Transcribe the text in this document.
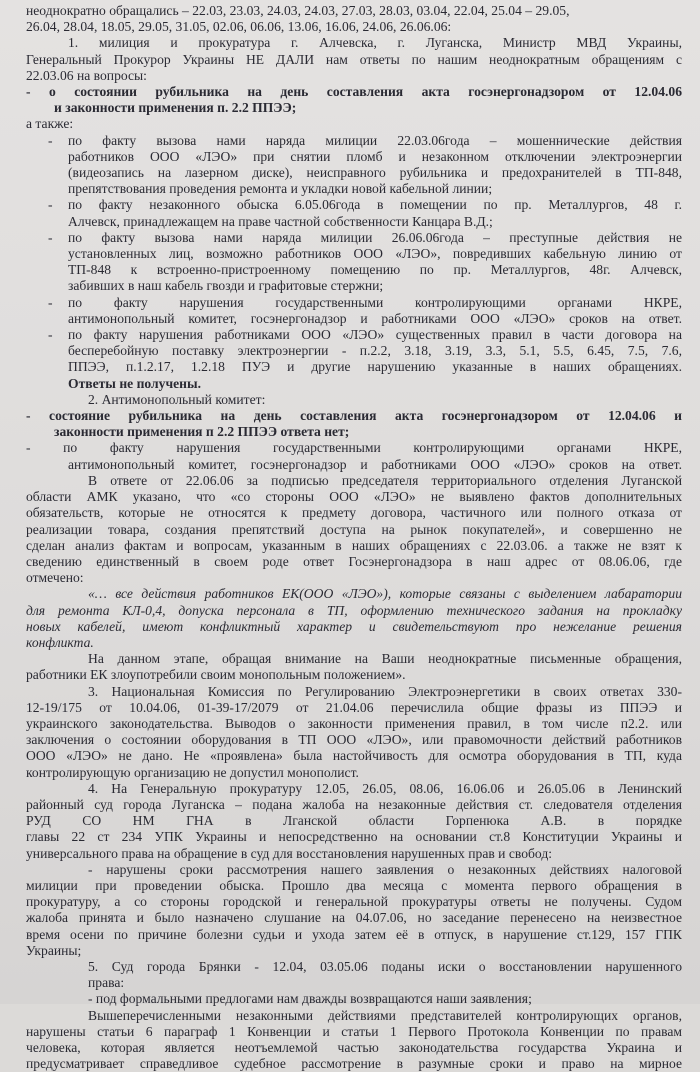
неоднократно обращались – 22.03, 23.03, 24.03, 24.03, 27.03, 28.03, 03.04, 22.04, 25.04 – 29.05,
26.04, 28.04, 18.05, 29.05, 31.05, 02.06, 06.06, 13.06, 16.06, 24.06, 26.06.06:
1. милиция и прокуратура г. Алчевска, г. Луганска, Министр МВД Украины,
Генеральный Прокурор Украины НЕ ДАЛИ нам ответы по нашим неоднократным обращениям с
22.03.06 на вопросы:
- о состоянии рубильника на день составления акта госэнергонадзором от 12.04.06
и законности применения п. 2.2 ППЭЭ;
а также:
- по факту вызова нами наряда милиции 22.03.06года – мошеннические действия
работников ООО «ЛЭО» при снятии пломб и незаконном отключении электроэнергии
(видеозапись на лазерном диске), неисправного рубильника и предохранителей в ТП-848,
препятствования проведения ремонта и укладки новой кабельной линии;
- по факту незаконного обыска 6.05.06года в помещении по пр. Металлургов, 48 г.
Алчевск, принадлежащем на праве частной собственности Канцара В.Д.;
- по факту вызова нами наряда милиции 26.06.06года – преступные действия не
установленных лиц, возможно работников ООО «ЛЭО», повредивших кабельную линию от
ТП-848 к встроенно-пристроенному помещению по пр. Металлургов, 48г. Алчевск,
забивших в наш кабель гвозди и графитовые стержни;
- по факту нарушения государственными контролирующими органами НКРЕ,
антимонопольный комитет, госэнергонадзор и работниками ООО «ЛЭО» сроков на ответ.
- по факту нарушения работниками ООО «ЛЭО» существенных правил в части договора на
бесперебойную поставку электроэнергии - п.2.2, 3.18, 3.19, 3.3, 5.1, 5.5, 6.45, 7.5, 7.6,
ППЭЭ, п.1.2.17, 1.2.18 ПУЭ и другие нарушению указанные в наших обращениях.
Ответы не получены.
2. Антимонопольный комитет:
- состояние рубильника на день составления акта госэнергонадзором от 12.04.06 и
законности применения п 2.2 ППЭЭ ответа нет;
- по факту нарушения государственными контролирующими органами НКРЕ,
антимонопольный комитет, госэнергонадзор и работниками ООО «ЛЭО» сроков на ответ.
В ответе от 22.06.06 за подписью председателя территориального отделения Луганской
области АМК указано, что «со стороны ООО «ЛЭО» не выявлено фактов дополнительных
обязательств, которые не относятся к предмету договора, частичного или полного отказа от
реализации товара, создания препятствий доступа на рынок покупателей», и совершенно не
сделан анализ фактам и вопросам, указанным в наших обращениях с 22.03.06. а также не взят к
сведению единственный в своем роде ответ Госэнергонадзора в наш адрес от 08.06.06, где
отмечено:
«… все действия работников ЕК(ООО «ЛЭО»), которые связаны с выделением лабаратории
для ремонта КЛ-0,4, допуска персонала в ТП, оформлению технического задания на прокладку
новых кабелей, имеют конфликтный характер и свидетельствуют про нежелание решения
конфликта.
На данном этапе, обращая внимание на Ваши неоднократные письменные обращения,
работники ЕК злоупотребили своим монопольным положением».
3. Национальная Комиссия по Регулированию Электроэнергетики в своих ответах 330-
12-19/175 от 10.04.06, 01-39-17/2079 от 21.04.06 перечислила общие фразы из ППЭЭ и
украинского законодательства. Выводов о законности применения правил, в том числе п2.2. или
заключения о состоянии оборудования в ТП ООО «ЛЭО», или правомочности действий работников
ООО «ЛЭО» не дано. Не «проявлена» была настойчивость для осмотра оборудования в ТП, куда
контролирующую организацию не допустил монополист.
4. На Генеральную прокуратуру 12.05, 26.05, 08.06, 16.06.06 и 26.05.06 в Ленинский
районный суд города Луганска – подана жалоба на незаконные действия ст. следователя отделения
РУД СО НМ ГНА в Лганской области Горпенюка А.В. в порядке
главы 22 ст 234 УПК Украины и непосредственно на основании ст.8 Конституции Украины и
универсального права на обращение в суд для восстановления нарушенных прав и свобод:
- нарушены сроки рассмотрения нашего заявления о незаконных действиях налоговой
милиции при проведении обыска. Прошло два месяца с момента первого обращения в
прокуратуру, а со стороны городской и генеральной прокуратуры ответы не получены. Судом
жалоба принята и было назначено слушание на 04.07.06, но заседание перенесено на неизвестное
время осени по причине болезни судьи и ухода затем её в отпуск, в нарушение ст.129, 157 ГПК
Украины;
5. Суд города Брянки - 12.04, 03.05.06 поданы иски о восстановлении нарушенного
права:
- под формальными предлогами нам дважды возвращаются наши заявления;
Вышеперечисленными незаконными действиями представителей контролирующих органов,
нарушены статьи 6 параграф 1 Конвенции и статьи 1 Первого Протокола Конвенции по правам
человека, которая является неотъемлемой частью законодательства государства Украина и
предусматривает справедливое судебное рассмотрение в разумные сроки и право на мирное
